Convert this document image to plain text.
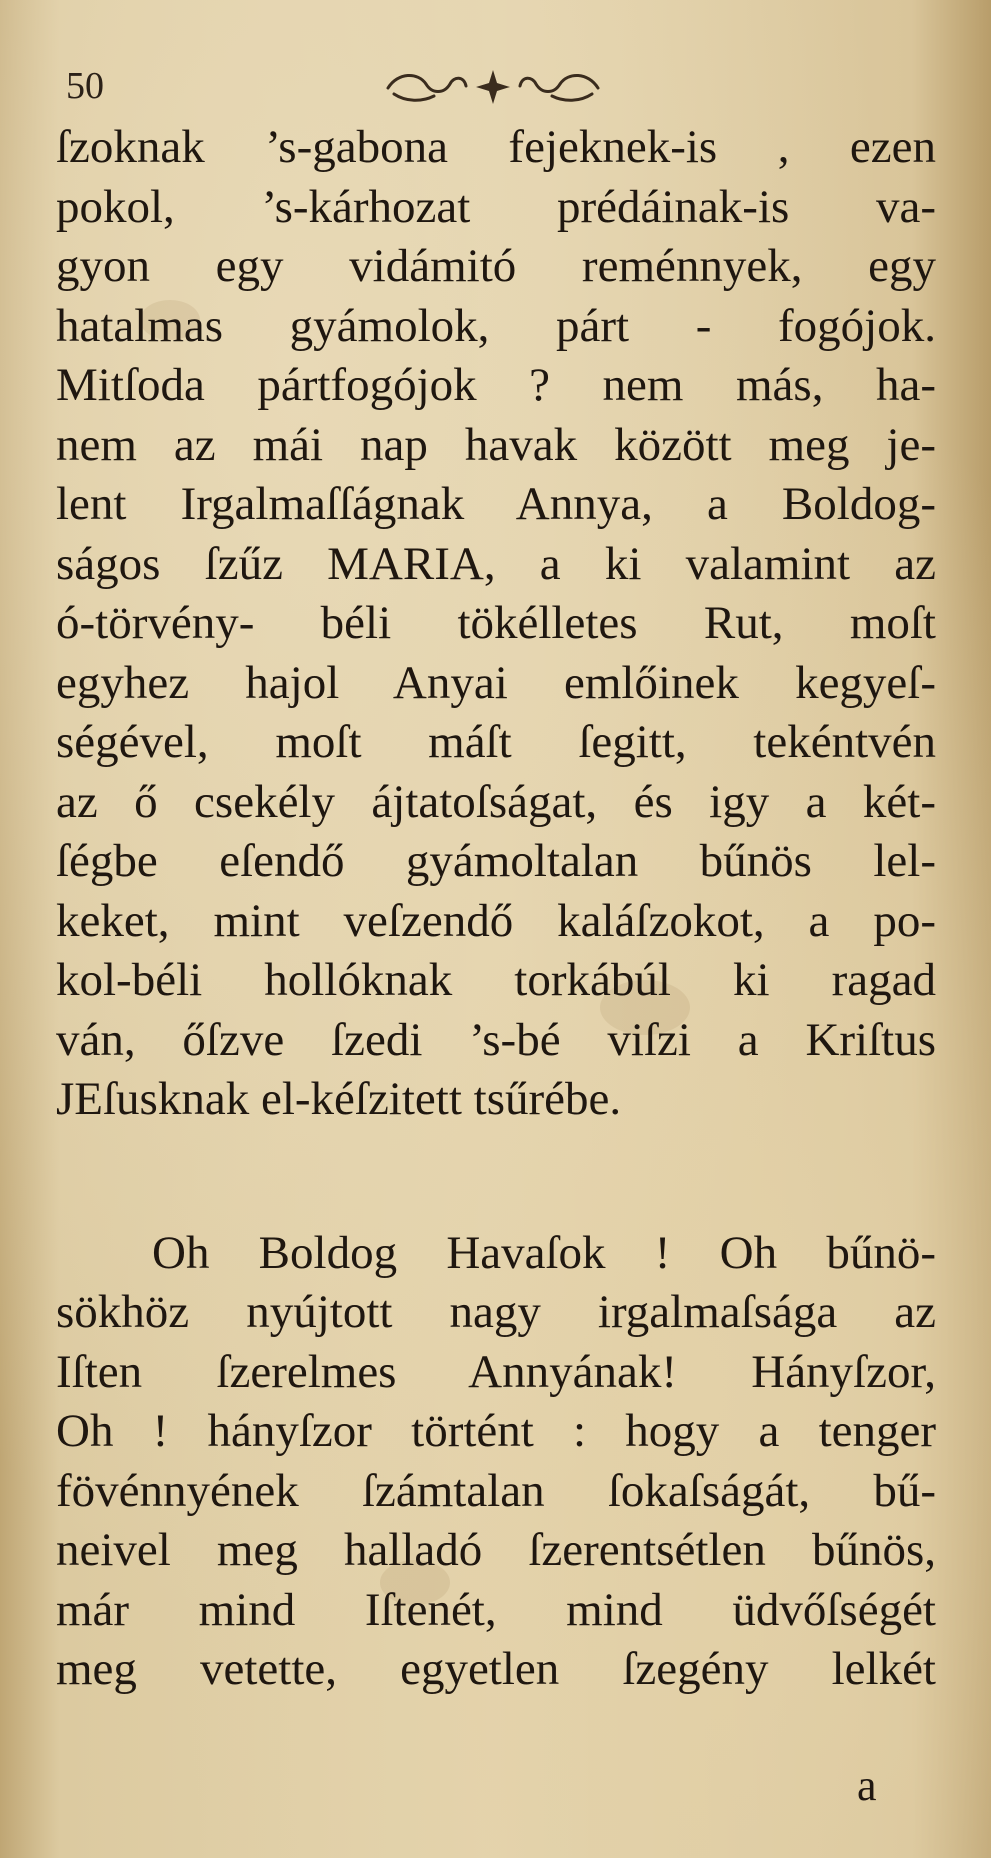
50
ſzoknak ’s-gabona fejeknek-is , ezen
pokol, ’s-kárhozat prédáinak-is va-
gyon egy vidámitó reménnyek, egy
hatalmas gyámolok, párt - fogójok.
Mitſoda pártfogójok ? nem más, ha-
nem az mái nap havak között meg je-
lent Irgalmaſſágnak Annya, a Boldog-
ságos ſzűz MARIA, a ki valamint az
ó-törvény- béli tökélletes Rut, moſt
egyhez hajol Anyai emlőinek kegyeſ-
ségével, moſt máſt ſegitt, tekéntvén
az ő csekély ájtatoſságat, és igy a két-
ſégbe eſendő gyámoltalan bűnös lel-
keket, mint veſzendő kaláſzokot, a po-
kol-béli hollóknak torkábúl ki ragad
ván, őſzve ſzedi ’s-bé viſzi a Kriſtus
JEſusknak el-kéſzitett tsűrébe.
Oh Boldog Havaſok ! Oh bűnö-
sökhöz nyújtott nagy irgalmaſsága az
Iſten ſzerelmes Annyának! Hányſzor,
Oh ! hányſzor történt : hogy a tenger
fövénnyének ſzámtalan ſokaſságát, bű-
neivel meg halladó ſzerentsétlen bűnös,
már mind Iſtenét, mind üdvőſségét
meg vetette, egyetlen ſzegény lelkét
a
